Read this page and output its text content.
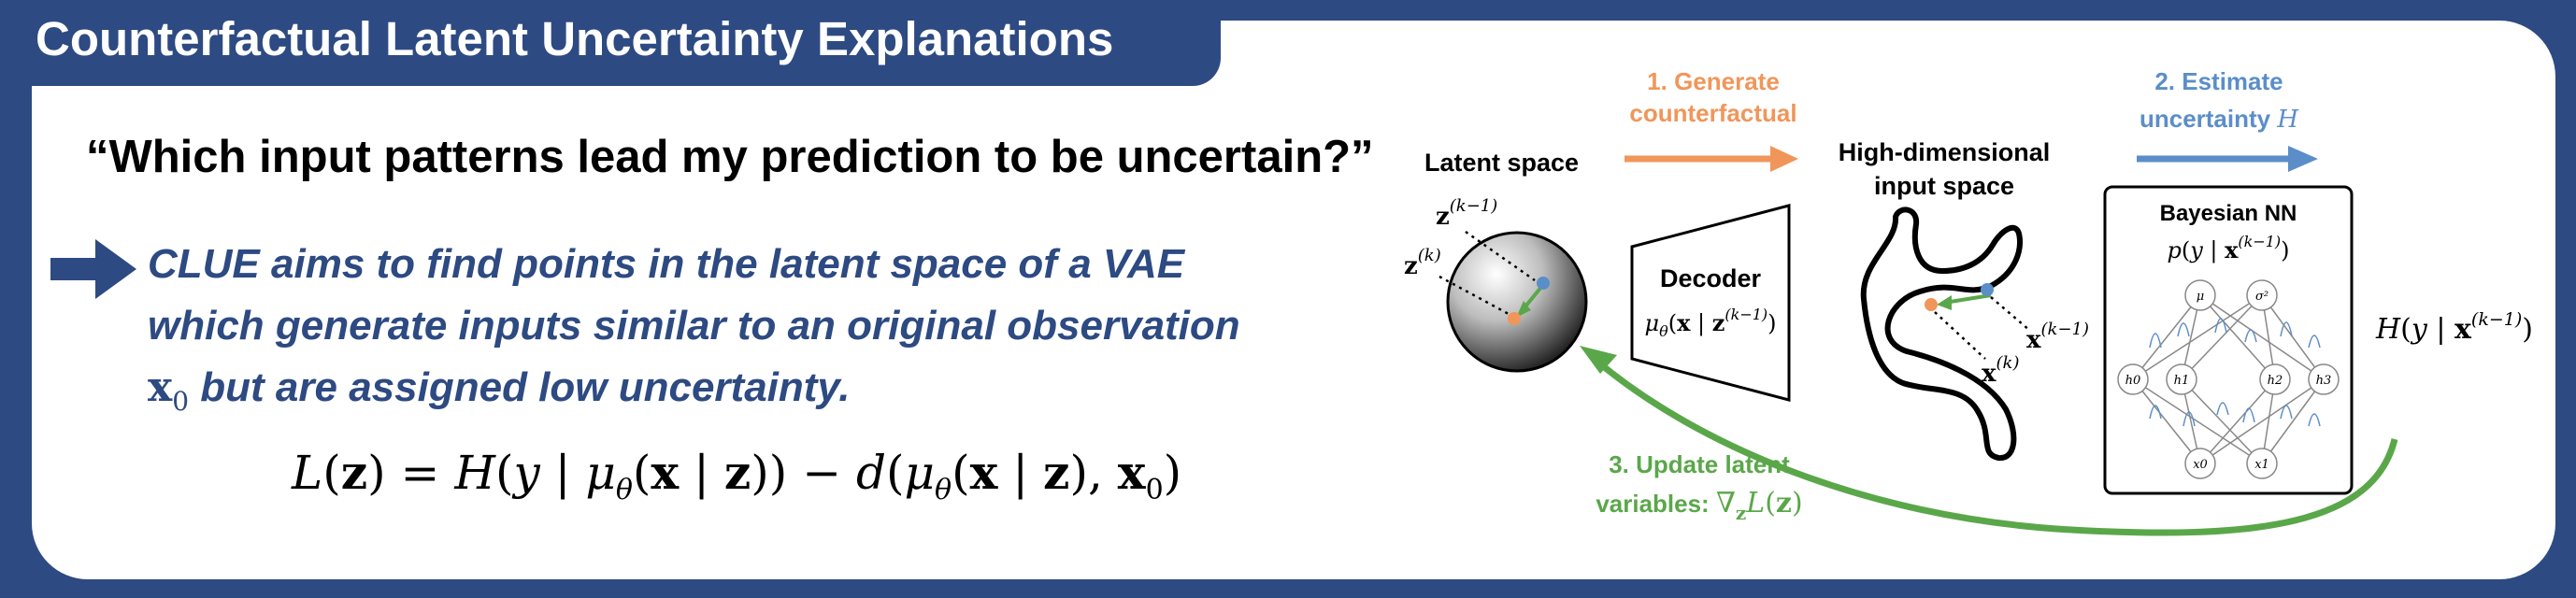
Counterfactual Latent Uncertainty Explanations
“Which input patterns lead my prediction to be uncertain?”
CLUE aims to find points in the latent space of a VAE
which generate inputs similar to an original observation
$x_0$ but are assigned low uncertainty.
L(z) = H(y | $\mu_\theta(x$ | $z)) - d(\mu_\theta(x$ | z), $x_0$)
Latent space
$z^{(k-1)}$
$z^{(k)}$
Decoder
$\mu_\theta(x$ | $z^{(k-1)}$)
1. Generate
counterfactual
High-dimensional
input space
$x^{(k-1)}$
$x^{(k)}$
2. Estimate
uncertainty H
Bayesian NN
p(y | $x^{(k-1)}$)
μ	σ²
h0	h1	h2	h3
x0	x1
H(y | $x^{(k-1)}$)
3. Update latent
variables: $\nabla_zL(z)$
